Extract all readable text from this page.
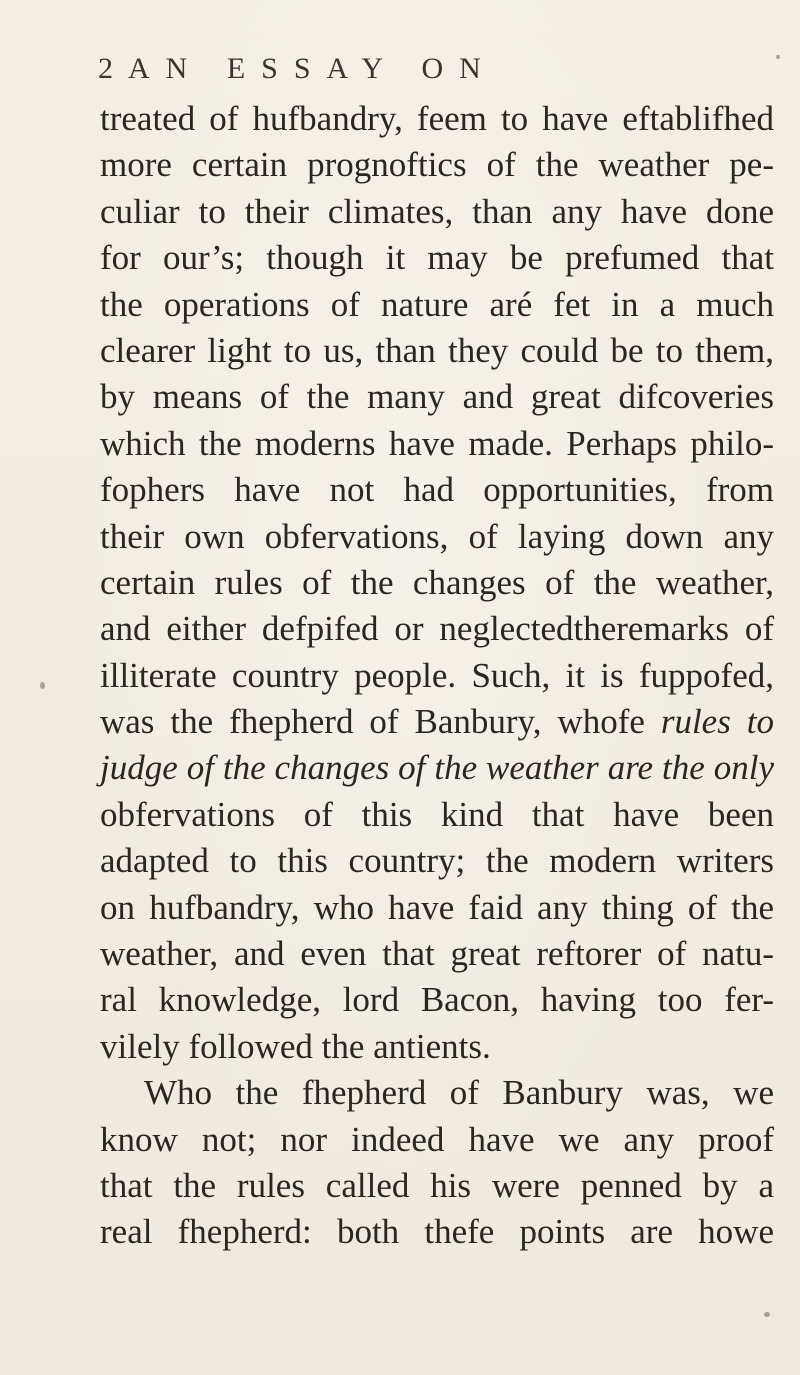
2 AN ESSAY ON
treated of hufbandry, feem to have eftablifhed
more certain prognoftics of the weather pe-
culiar to their climates, than any have done
for our’s; though it may be prefumed that
the operations of nature aré fet in a much
clearer light to us, than they could be to them,
by means of the many and great difcoveries
which the moderns have made. Perhaps philo-
fophers have not had opportunities, from
their own obfervations, of laying down any
certain rules of the changes of the weather,
and either defpifed or neglectedtheremarks of
illiterate country people. Such, it is fuppofed,
was the fhepherd of Banbury, whofe rules to
judge of the changes of the weather are the only
obfervations of this kind that have been
adapted to this country; the modern writers
on hufbandry, who have faid any thing of the
weather, and even that great reftorer of natu-
ral knowledge, lord Bacon, having too fer-
vilely followed the antients.
Who the fhepherd of Banbury was, we
know not; nor indeed have we any proof
that the rules called his were penned by a
real fhepherd: both thefe points are howe
